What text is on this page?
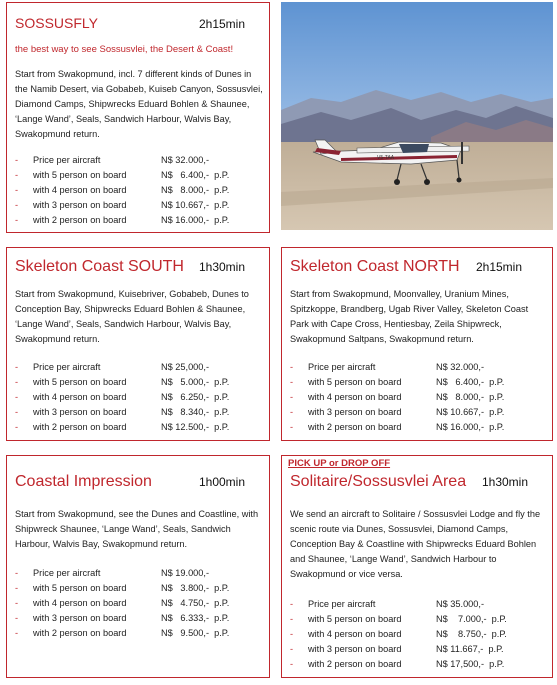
SOSSUSFLY	2h15min
the best way to see Sossusvlei, the Desert & Coast!
Start from Swakopmund, incl. 7 different kinds of Dunes in the Namib Desert, via Gobabeb, Kuiseb Canyon, Sossusvlei, Diamond Camps, Shipwrecks Eduard Bohlen & Shaunee, ‘Lange Wand’, Seals, Sandwich Harbour, Walvis Bay, Swakopmund return.
-	Price per aircraft	N$ 32.000,-
-	with 5 person on board	N$   6.400,-  p.P.
-	with 4 person on board	N$   8.000,-  p.P.
-	with 3 person on board	N$ 10.667,-  p.P.
-	with 2 person on board	N$ 16.000,-  p.P.
V5-TAA
Skeleton Coast SOUTH 1h30min
Start from Swakopmund, Kuisebriver, Gobabeb, Dunes to Conception Bay, Shipwrecks Eduard Bohlen & Shaunee, ‘Lange Wand’, Seals, Sandwich Harbour, Walvis Bay, Swakopmund return.
-	Price per aircraft	N$ 25,000,-
-	with 5 person on board	N$   5.000,-  p.P.
-	with 4 person on board	N$   6.250,-  p.P.
-	with 3 person on board	N$   8.340,-  p.P.
-	with 2 person on board	N$ 12.500,-  p.P.
Skeleton Coast NORTH 2h15min
Start from Swakopmund, Moonvalley, Uranium Mines, Spitzkoppe, Brandberg, Ugab River Valley, Skeleton Coast Park with Cape Cross, Hentiesbay, Zeila Shipwreck, Swakopmund Saltpans, Swakopmund return.
-	Price per aircraft	N$ 32.000,-
-	with 5 person on board	N$   6.400,-  p.P.
-	with 4 person on board	N$   8.000,-  p.P.
-	with 3 person on board	N$ 10.667,-  p.P.
-	with 2 person on board	N$ 16.000,-  p.P.
Coastal Impression	1h00min
Start from Swakopmund, see the Dunes and Coastline, with Shipwreck Shaunee, ‘Lange Wand’, Seals, Sandwich Harbour, Walvis Bay, Swakopmund return.
-	Price per aircraft	N$ 19.000,-
-	with 5 person on board	N$   3.800,-  p.P.
-	with 4 person on board	N$   4.750,-  p.P.
-	with 3 person on board	N$   6.333,-  p.P.
-	with 2 person on board	N$   9.500,-  p.P.
PICK UP or DROP OFF
Solitaire/Sossusvlei Area 1h30min
We send an aircraft to Solitaire / Sossusvlei Lodge and fly the scenic route via Dunes, Sossusvlei, Diamond Camps, Conception Bay & Coastline with Shipwrecks Eduard Bohlen and Shaunee, ‘Lange Wand’, Sandwich Harbour to Swakopmund or vice versa.
-	Price per aircraft	N$ 35.000,-
-	with 5 person on board	N$    7.000,-  p.P.
-	with 4 person on board	N$    8.750,-  p.P.
-	with 3 person on board	N$ 11.667,-  p.P.
-	with 2 person on board	N$ 17,500,-  p.P.
